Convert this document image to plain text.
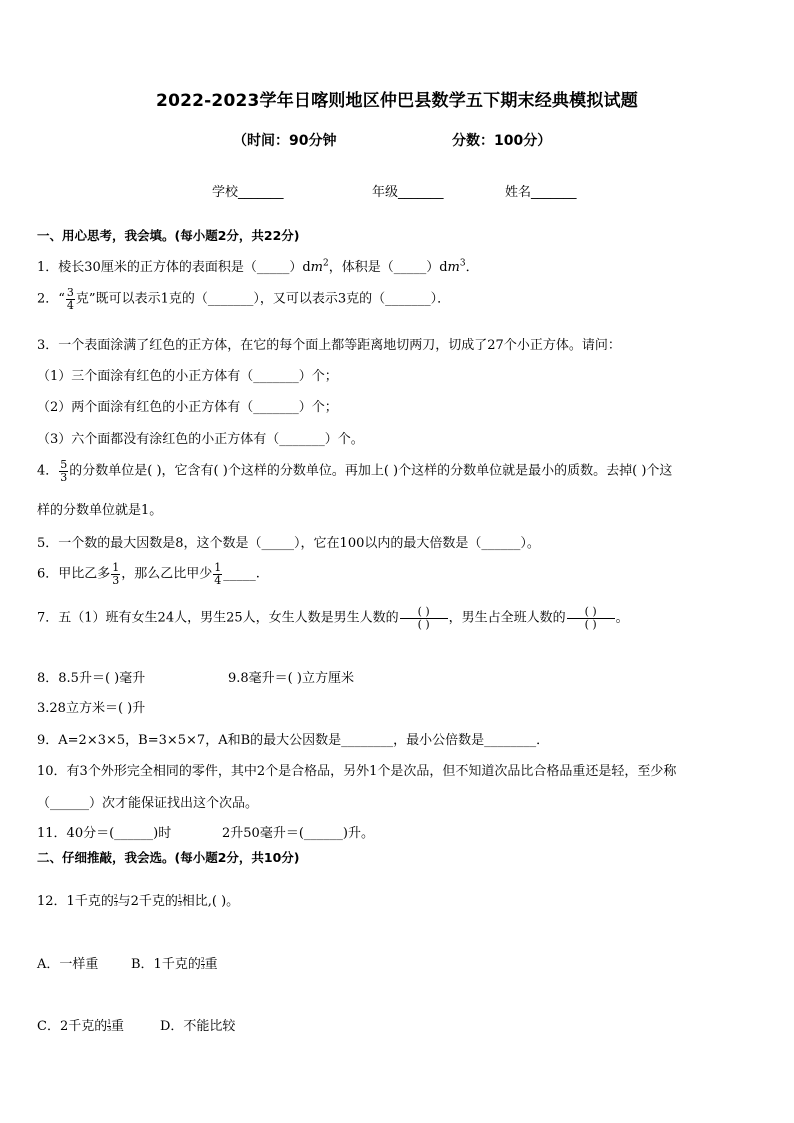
2022-2023学年日喀则地区仲巴县数学五下期末经典模拟试题
（时间：90分钟	分数：100分）
学校_______	年级_______	姓名_______
一、用心思考，我会填。(每小题2分，共22分)
1．棱长30厘米的正方体的表面积是$(\_\_\_\_\_)dm^2$，体积是$(\_\_\_\_\_)dm^3$．
2．“ $\frac{3}{4}$ 克”既可以表示1克的（_______），又可以表示3克的（_______）．
3．一个表面涂满了红色的正方体，在它的每个面上都等距离地切两刀，切成了27个小正方体。请问：
（1）三个面涂有红色的小正方体有（_______）个；
（2）两个面涂有红色的小正方体有（_______）个；
（3）六个面都没有涂红色的小正方体有（_______）个。
4． $\frac{5}{3}$ 的分数单位是( )，它含有( )个这样的分数单位。再加上( )个这样的分数单位就是最小的质数。去掉( )个这
样的分数单位就是1。
5．一个数的最大因数是8，这个数是（_____），它在100以内的最大倍数是（______）。
6．甲比乙多 $\frac{1}{3}$ ，那么乙比甲少 $\frac{1}{4}$ _____.
7．五（1）班有女生24人，男生25人，女生人数是男生人数的 $\frac{( )}{( )}$ ，男生占全班人数的 $\frac{( )}{( )}$ 。
8．8.5升＝( )毫升	9.8毫升＝( )立方厘米
3.28立方米＝( )升
9．A=2×3×5，B=3×5×7，A和B的最大公因数是________，最小公倍数是________．
10．有3个外形完全相同的零件，其中2个是合格品，另外1个是次品，但不知道次品比合格品重还是轻，至少称
（______）次才能保证找出这个次品。
11．40分＝(______)时	2升50毫升＝(______)升。
二、仔细推敲，我会选。(每小题2分，共10分)
12．1千克的 $\frac{2}{3}$ 与2千克的 $\frac{1}{3}$ 相比,( )。
A．一样重	B．1千克的 $\frac{2}{3}$ 重
C．2千克的 $\frac{1}{3}$ 重	D．不能比较
